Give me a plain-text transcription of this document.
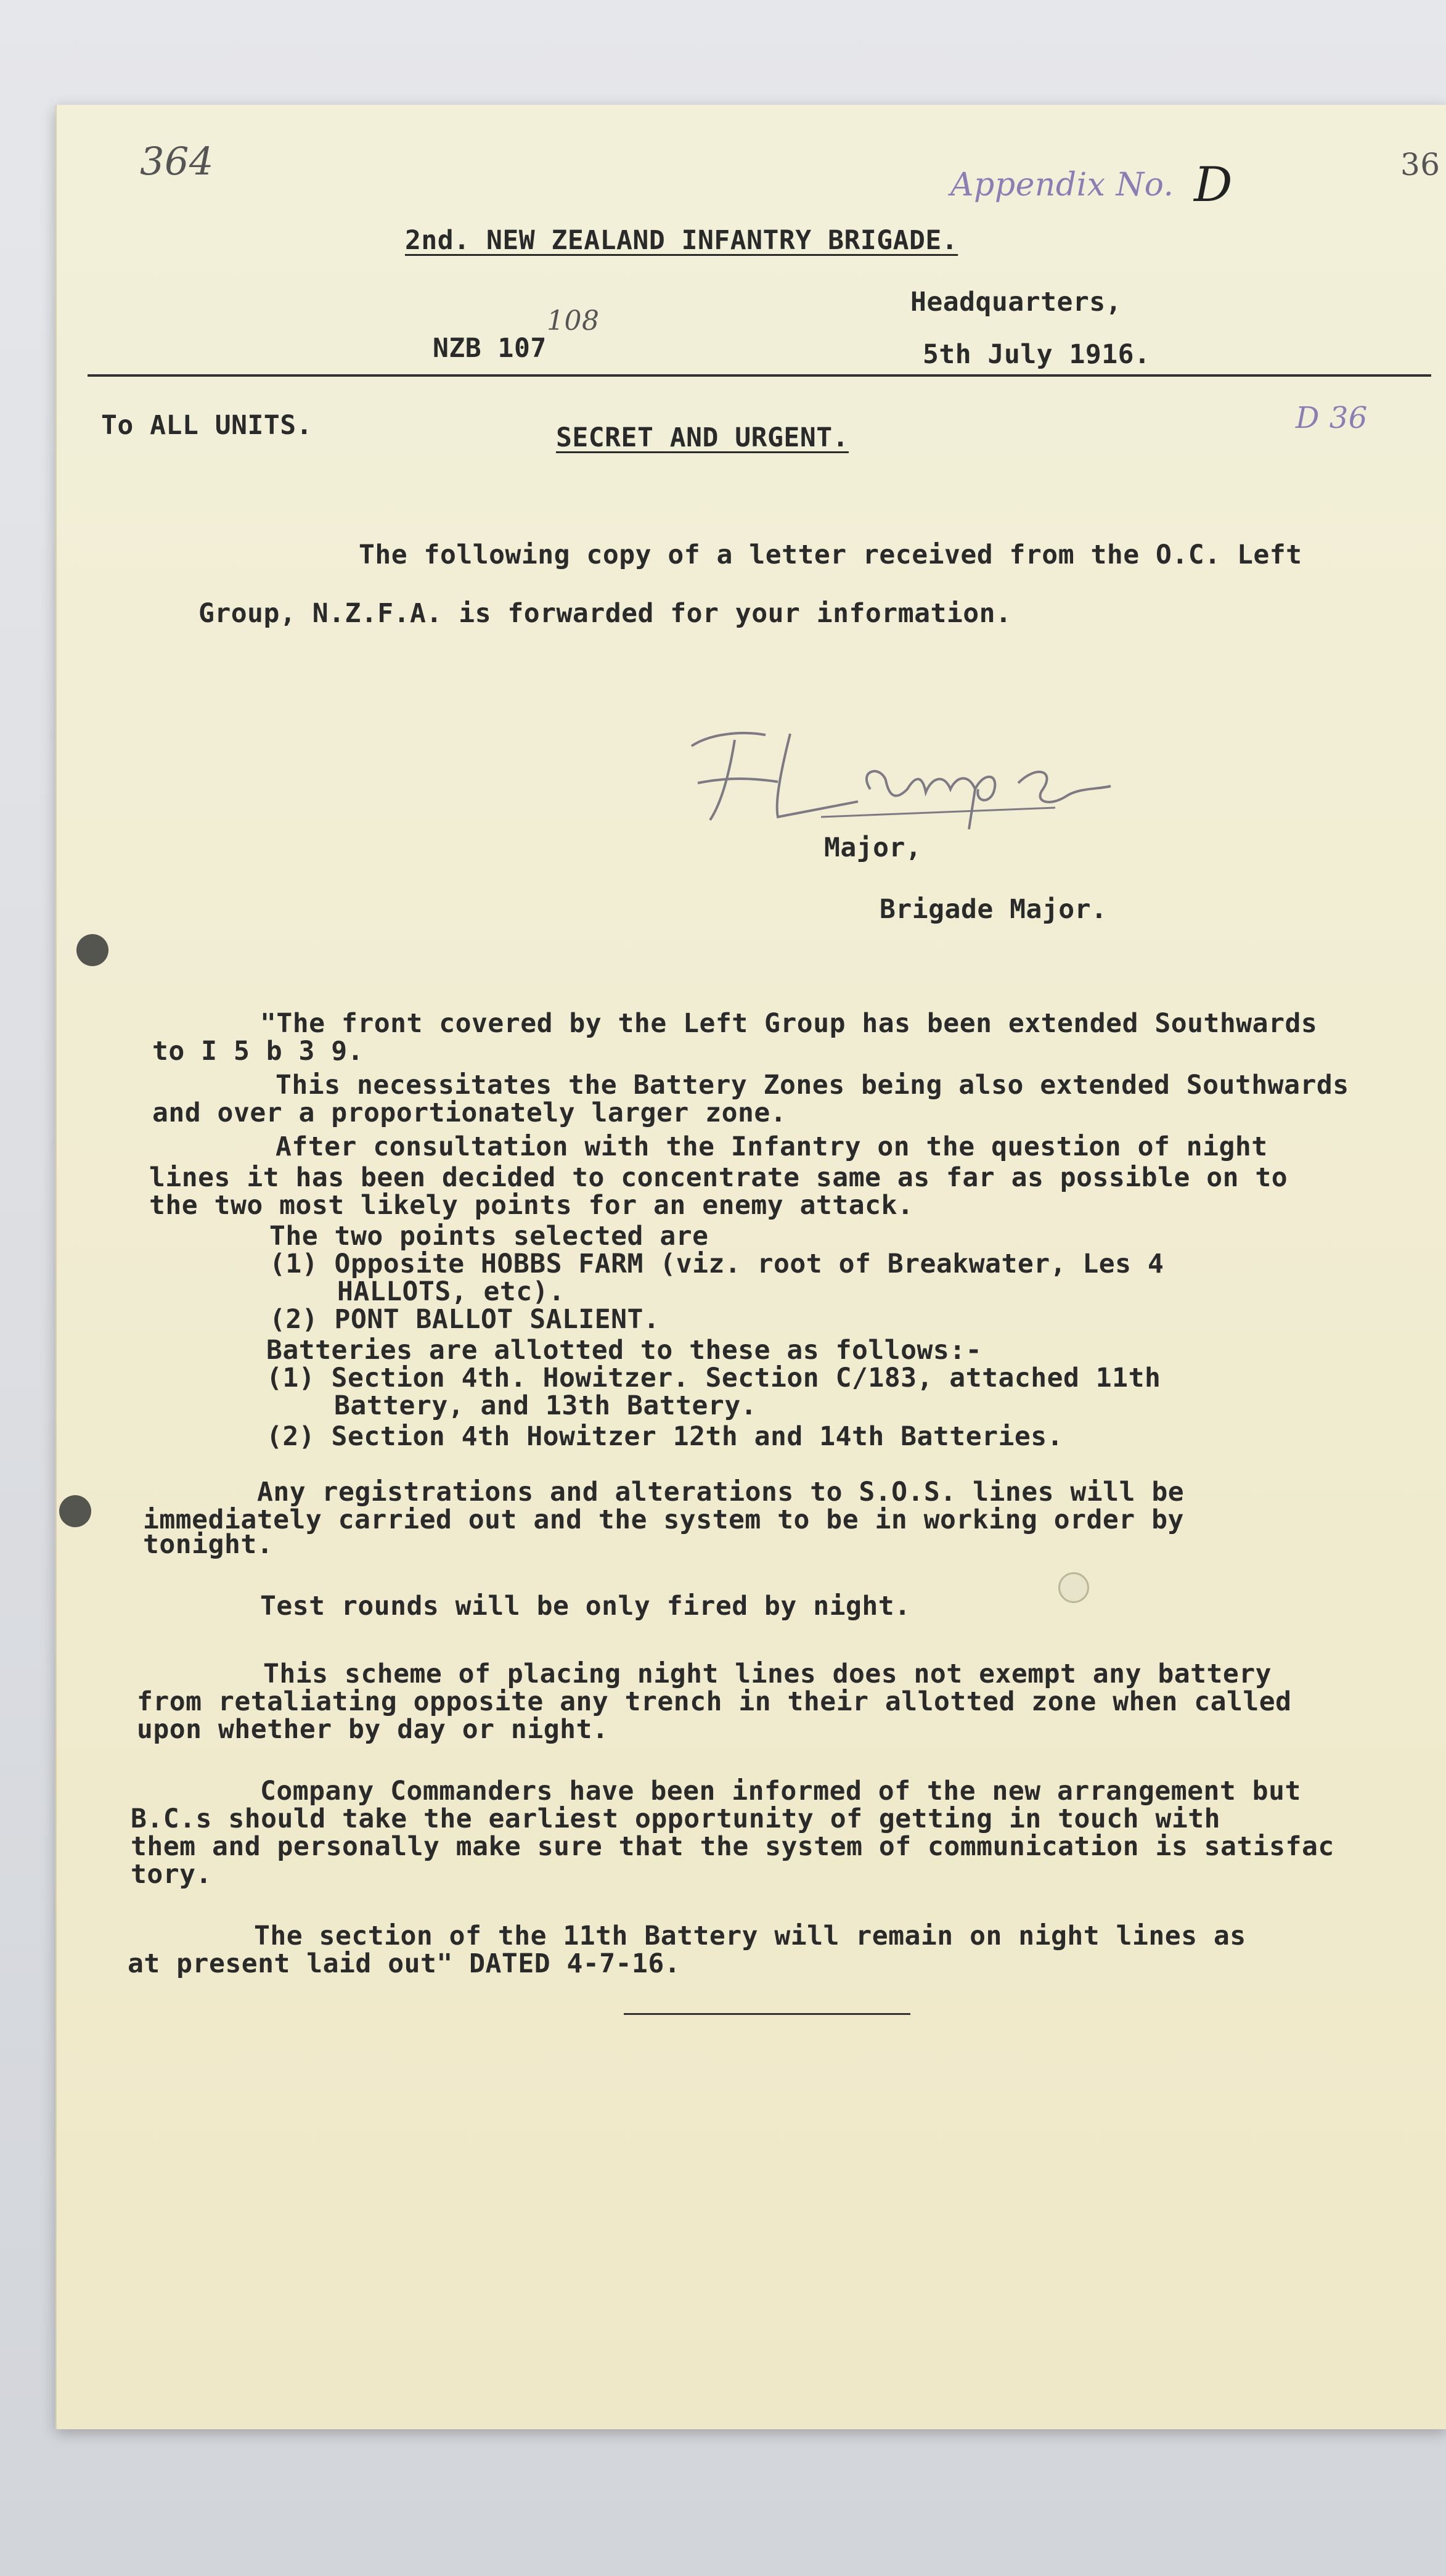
364	36
Appendix No. D
D 36
108
2nd. NEW ZEALAND INFANTRY BRIGADE.
Headquarters,
NZB 107	5th July 1916.
To ALL UNITS.	SECRET AND URGENT.
The following copy of a letter received from the O.C. Left
Group, N.Z.F.A. is forwarded for your information.
Major,
Brigade Major.
"The front covered by the Left Group has been extended Southwards
to I 5 b 3 9.
This necessitates the Battery Zones being also extended Southwards
and over a proportionately larger zone.
After consultation with the Infantry on the question of night
lines it has been decided to concentrate same as far as possible on to
the two most likely points for an enemy attack.
The two points selected are
(1) Opposite HOBBS FARM (viz. root of Breakwater, Les 4
HALLOTS, etc).
(2) PONT BALLOT SALIENT.
Batteries are allotted to these as follows:-
(1) Section 4th. Howitzer. Section C/183, attached 11th
Battery, and 13th Battery.
(2) Section 4th Howitzer 12th and 14th Batteries.
Any registrations and alterations to S.O.S. lines will be
immediately carried out and the system to be in working order by
tonight.
Test rounds will be only fired by night.
This scheme of placing night lines does not exempt any battery
from retaliating opposite any trench in their allotted zone when called
upon whether by day or night.
Company Commanders have been informed of the new arrangement but
B.C.s should take the earliest opportunity of getting in touch with
them and personally make sure that the system of communication is satisfac
tory.
The section of the 11th Battery will remain on night lines as
at present laid out" DATED 4-7-16.
